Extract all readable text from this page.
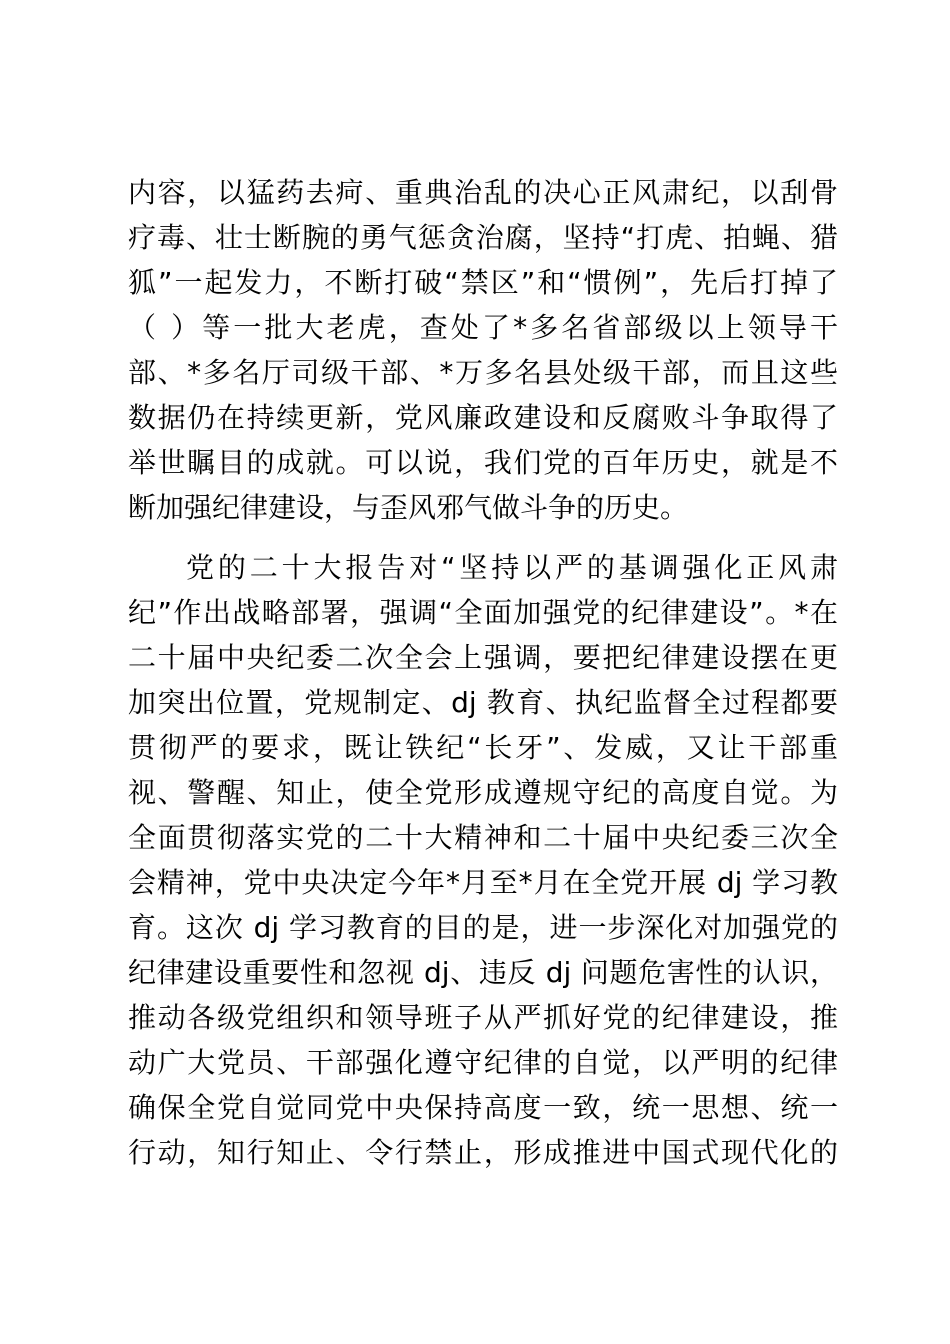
内容，以猛药去疴、重典治乱的决心正风肃纪，以刮骨
疗毒、壮士断腕的勇气惩贪治腐，坚持“打虎、拍蝇、猎
狐”一起发力，不断打破“禁区”和“惯例”，先后打掉了
（ ）等一批大老虎，查处了*多名省部级以上领导干
部、*多名厅司级干部、*万多名县处级干部，而且这些
数据仍在持续更新，党风廉政建设和反腐败斗争取得了
举世瞩目的成就。可以说，我们党的百年历史，就是不
断加强纪律建设，与歪风邪气做斗争的历史。
党的二十大报告对“坚持以严的基调强化正风肃
纪”作出战略部署，强调“全面加强党的纪律建设”。*在
二十届中央纪委二次全会上强调，要把纪律建设摆在更
加突出位置，党规制定、dj 教育、执纪监督全过程都要
贯彻严的要求，既让铁纪“长牙”、发威，又让干部重
视、警醒、知止，使全党形成遵规守纪的高度自觉。为
全面贯彻落实党的二十大精神和二十届中央纪委三次全
会精神，党中央决定今年*月至*月在全党开展 dj 学习教
育。这次 dj 学习教育的目的是，进一步深化对加强党的
纪律建设重要性和忽视 dj、违反 dj 问题危害性的认识，
推动各级党组织和领导班子从严抓好党的纪律建设，推
动广大党员、干部强化遵守纪律的自觉，以严明的纪律
确保全党自觉同党中央保持高度一致，统一思想、统一
行动，知行知止、令行禁止，形成推进中国式现代化的
